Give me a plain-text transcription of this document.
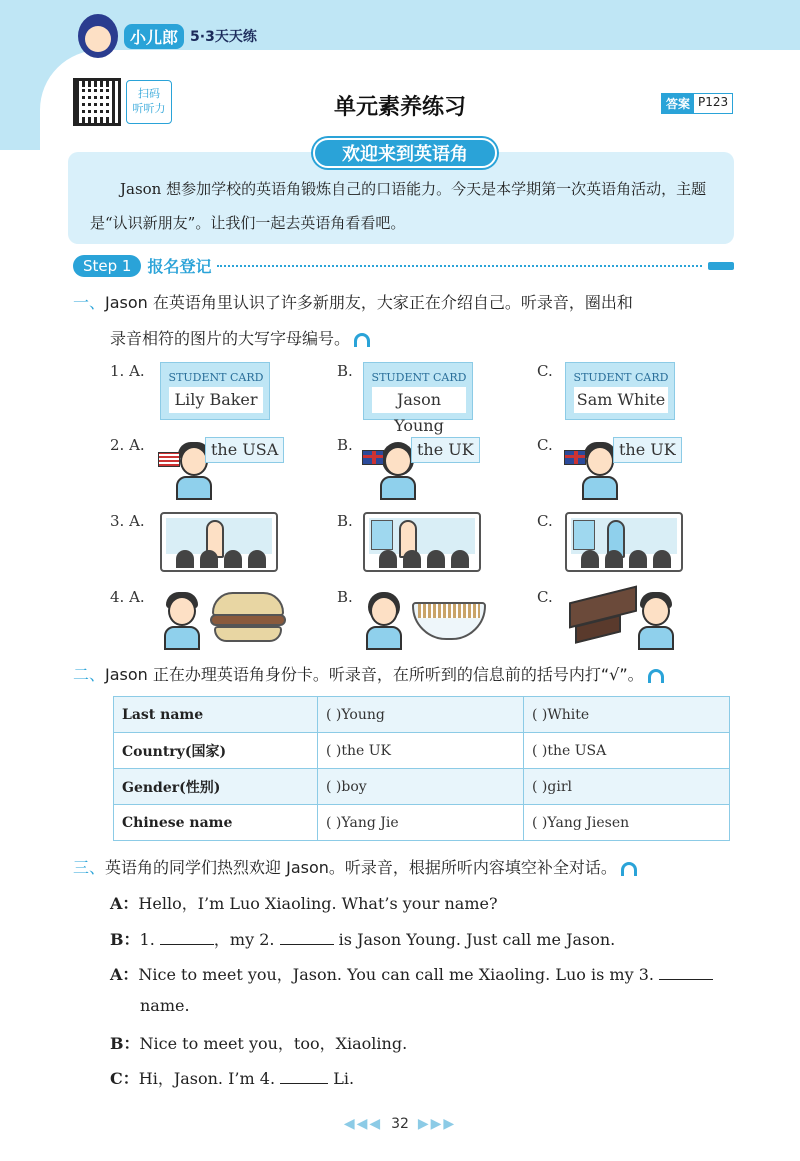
小儿郎 5·3天天练
扫码
听听力	单元素养练习	答案 P123
Jason 想参加学校的英语角锻炼自己的口语能力。今天是本学期第一次英语角活动，主题是“认识新朋友”。让我们一起去英语角看看吧。
欢迎来到英语角
Step 1	报名登记
一、Jason 在英语角里认识了许多新朋友，大家正在介绍自己。听录音，圈出和
录音相符的图片的大写字母编号。
1. A.	STUDENT CARD
Lily Baker
B.	STUDENT CARD
Jason Young
C.	STUDENT CARD
Sam White
2. A.	the USA	B.	the UK	C.	the UK
3. A.	B.	C.
4. A.	B.	C.
二、Jason 正在办理英语角身份卡。听录音，在所听到的信息前的括号内打“√”。
Last name	( )Young	( )White
Country(国家)	( )the UK	( )the USA
Gender(性别)	( )boy	( )girl
Chinese name	( )Yang Jie	( )Yang Jiesen
三、英语角的同学们热烈欢迎 Jason。听录音，根据所听内容填空补全对话。
A：Hello，I’m Luo Xiaoling. What’s your name?
B：1.	，my 2.	is Jason Young. Just call me Jason.
A：Nice to meet you，Jason. You can call me Xiaoling. Luo is my 3.
name.
B：Nice to meet you，too，Xiaoling.
C：Hi，Jason. I’m 4.	Li.
◀◀◀ 32 ▶▶▶
